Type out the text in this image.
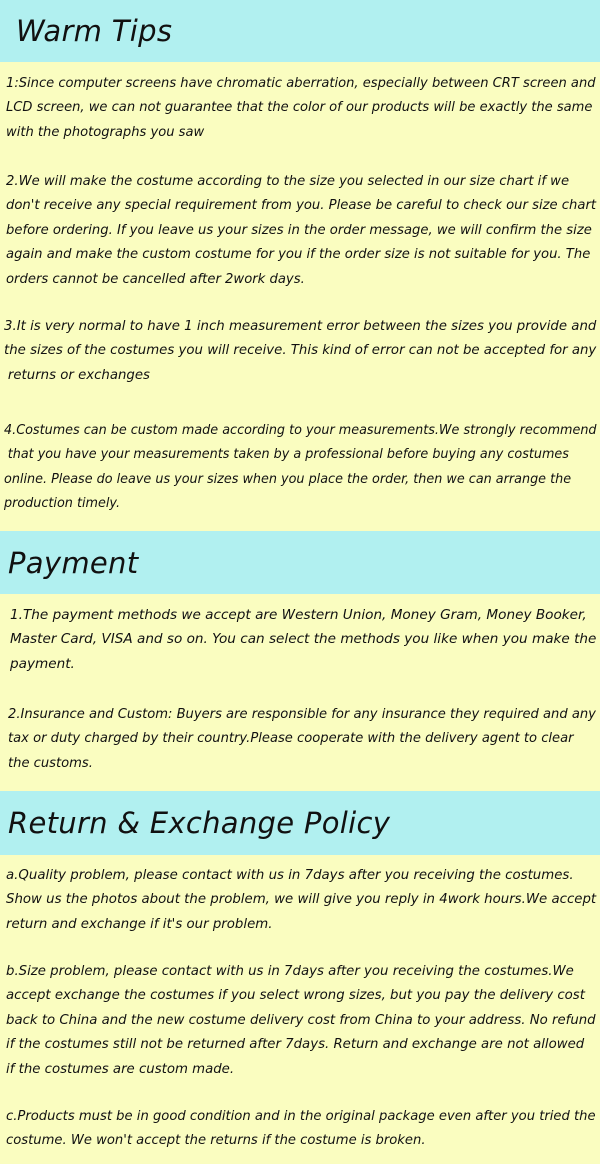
Warm Tips

1:Since computer screens have chromatic aberration, especially between CRT screen and
LCD screen, we can not guarantee that the color of our products will be exactly the same
with the photographs you saw

2.We will make the costume according to the size you selected in our size chart if we
don't receive any special requirement from you. Please be careful to check our size chart
before ordering. If you leave us your sizes in the order message, we will confirm the size
again and make the custom costume for you if the order size is not suitable for you. The
orders cannot be cancelled after 2work days.

3.It is very normal to have 1 inch measurement error between the sizes you provide and
the sizes of the costumes you will receive. This kind of error can not be accepted for any
returns or exchanges

4.Costumes can be custom made according to your measurements.We strongly recommend
that you have your measurements taken by a professional before buying any costumes
online. Please do leave us your sizes when you place the order, then we can arrange the
production timely.

Payment

1.The payment methods we accept are Western Union, Money Gram, Money Booker,
Master Card, VISA and so on. You can select the methods you like when you make the
payment.

2.Insurance and Custom: Buyers are responsible for any insurance they required and any
tax or duty charged by their country.Please cooperate with the delivery agent to clear
the customs.

Return & Exchange Policy

a.Quality problem, please contact with us in 7days after you receiving the costumes.
Show us the photos about the problem, we will give you reply in 4work hours.We accept
return and exchange if it's our problem.

b.Size problem, please contact with us in 7days after you receiving the costumes.We
accept exchange the costumes if you select wrong sizes, but you pay the delivery cost
back to China and the new costume delivery cost from China to your address. No refund
if the costumes still not be returned after 7days. Return and exchange are not allowed
if the costumes are custom made.

c.Products must be in good condition and in the original package even after you tried the
costume. We won't accept the returns if the costume is broken.
